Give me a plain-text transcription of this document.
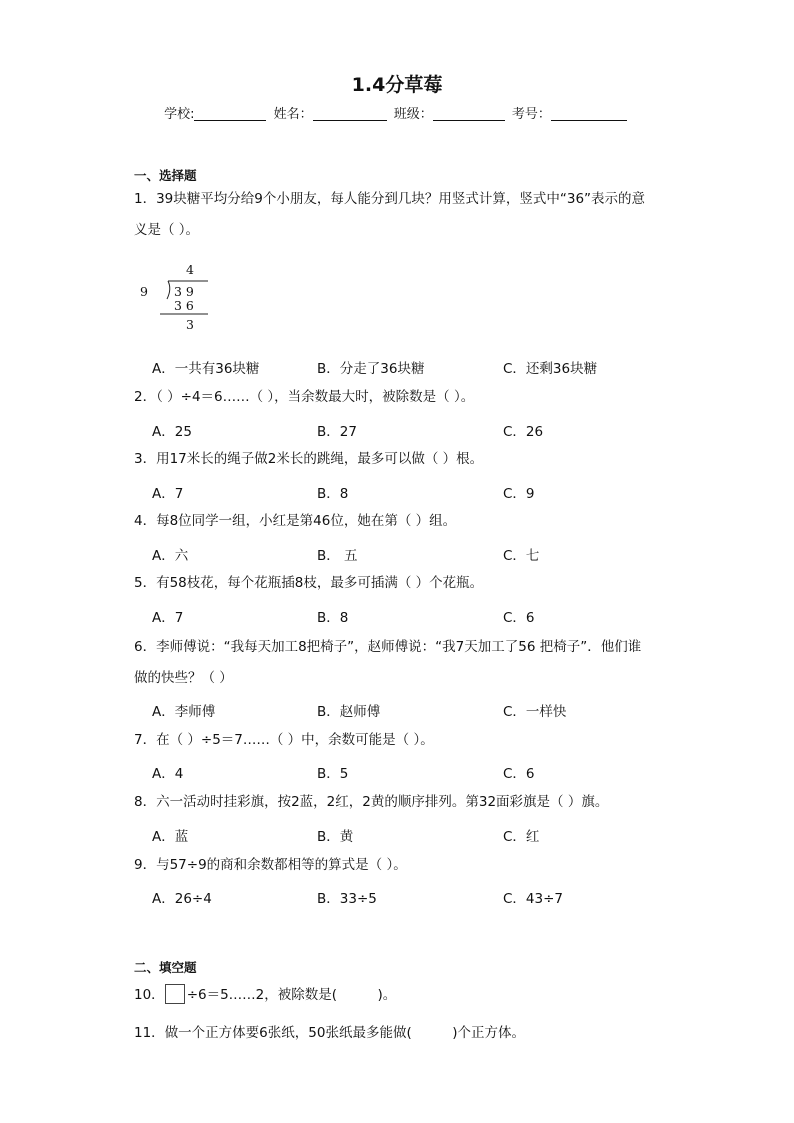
1.4分草莓
学校:	姓名：	班级：	考号：
一、选择题
1．39块糖平均分给9个小朋友，每人能分到几块？用竖式计算，竖式中“36”表示的意
义是（ ）。
9
4
3 9
3 6
3
A．一共有36块糖	B．分走了36块糖	C．还剩36块糖
2．（ ）÷4＝6……（ ），当余数最大时，被除数是（ ）。
A．25	B．27	C．26
3．用17米长的绳子做2米长的跳绳，最多可以做（ ）根。
A．7	B．8	C．9
4．每8位同学一组，小红是第46位，她在第（ ）组。
A．六	B． 五	C．七
5．有58枝花，每个花瓶插8枝，最多可插满（ ）个花瓶。
A．7	B．8	C．6
6．李师傅说：“我每天加工8把椅子”，赵师傅说：“我7天加工了56 把椅子”．他们谁
做的快些？（ ）
A．李师傅	B．赵师傅	C．一样快
7．在（ ）÷5＝7……（ ）中，余数可能是（ ）。
A．4	B．5	C．6
8．六一活动时挂彩旗，按2蓝，2红，2黄的顺序排列。第32面彩旗是（ ）旗。
A．蓝	B．黄	C．红
9．与57÷9的商和余数都相等的算式是（ ）。
A．26÷4	B．33÷5	C．43÷7
二、填空题
10． ÷6＝5……2，被除数是(　　　)。
11．做一个正方体要6张纸，50张纸最多能做(　　　)个正方体。
